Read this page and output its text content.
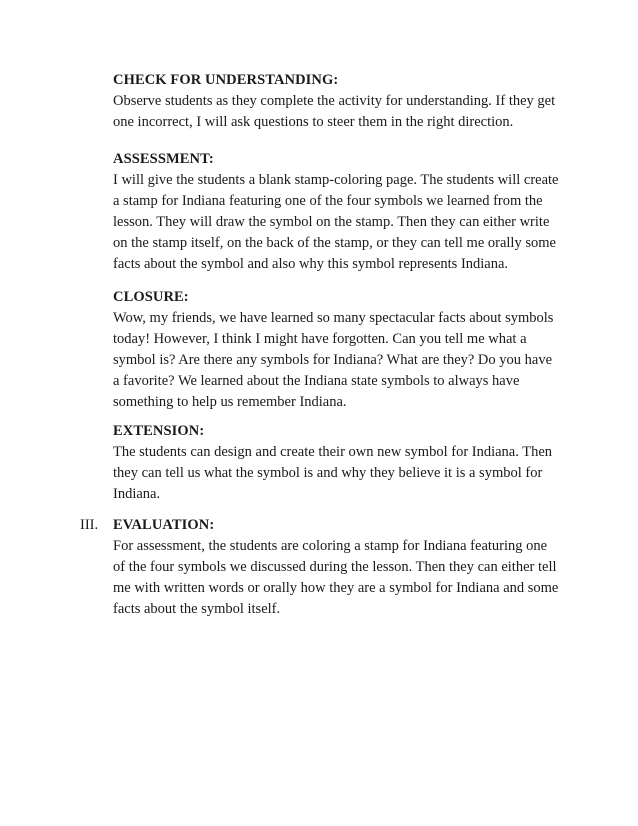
CHECK FOR UNDERSTANDING:

Observe students as they complete the activity for understanding. If they get
one incorrect, I will ask questions to steer them in the right direction.

ASSESSMENT:

I will give the students a blank stamp-coloring page. The students will create
a stamp for Indiana featuring one of the four symbols we learned from the
lesson. They will draw the symbol on the stamp. Then they can either write
on the stamp itself, on the back of the stamp, or they can tell me orally some
facts about the symbol and also why this symbol represents Indiana.

CLOSURE:

Wow, my friends, we have learned so many spectacular facts about symbols
today! However, I think I might have forgotten. Can you tell me what a
symbol is? Are there any symbols for Indiana? What are they? Do you have
a favorite? We learned about the Indiana state symbols to always have
something to help us remember Indiana.

EXTENSION:

The students can design and create their own new symbol for Indiana. Then
they can tell us what the symbol is and why they believe it is a symbol for
Indiana.

III. EVALUATION:

For assessment, the students are coloring a stamp for Indiana featuring one
of the four symbols we discussed during the lesson. Then they can either tell
me with written words or orally how they are a symbol for Indiana and some
facts about the symbol itself.
